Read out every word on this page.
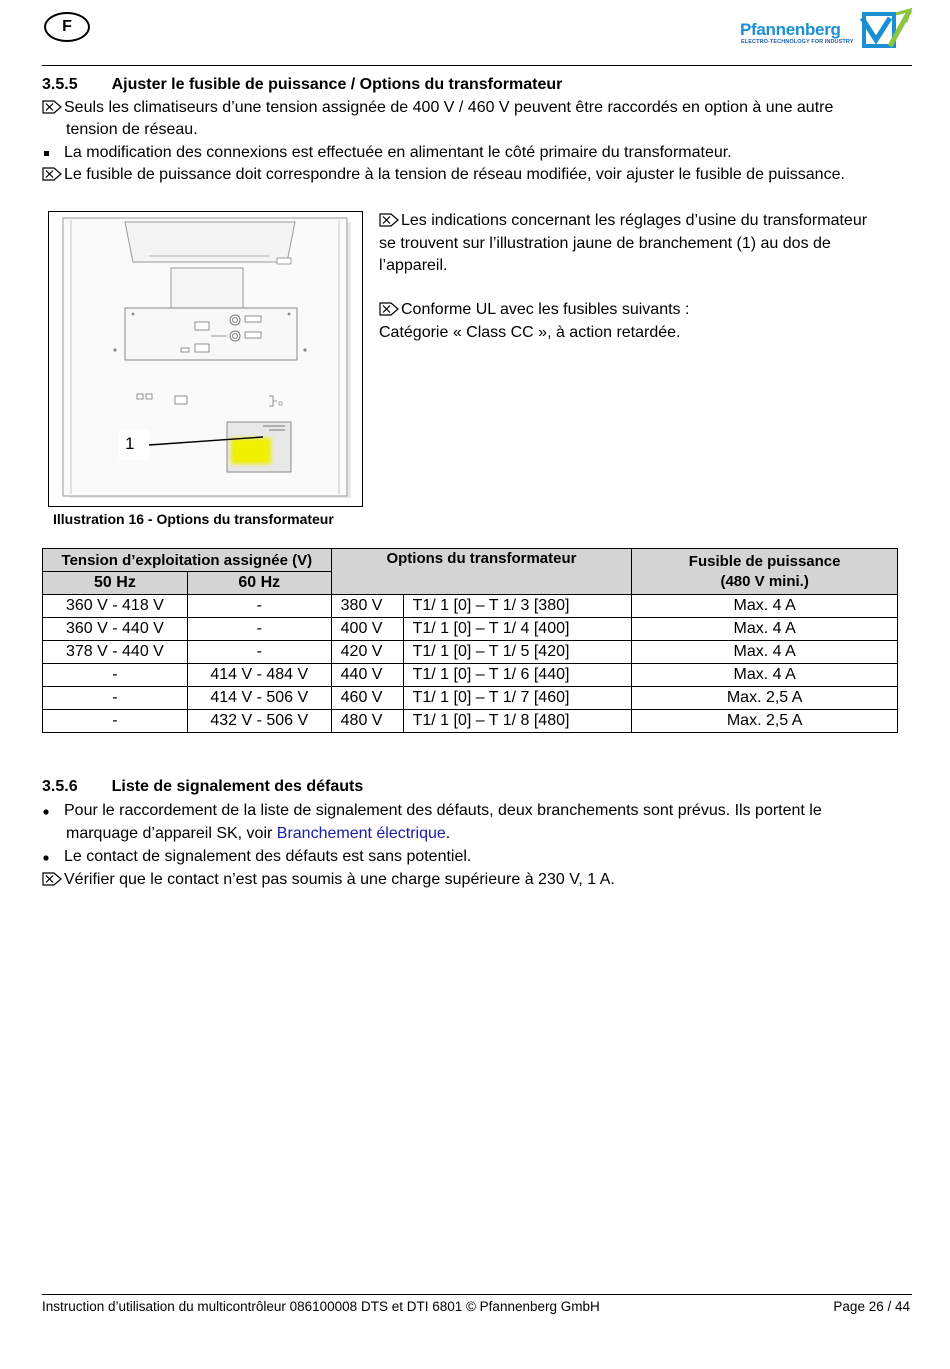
F	Pfannenberg
ELECTRO-TECHNOLOGY FOR INDUSTRY
3.5.5 Ajuster le fusible de puissance / Options du transformateur
Seuls les climatiseurs d’une tension assignée de 400 V / 460 V peuvent être raccordés en option à une autre
tension de réseau.
La modification des connexions est effectuée en alimentant le côté primaire du transformateur.
Le fusible de puissance doit correspondre à la tension de réseau modifiée, voir ajuster le fusible de puissance.
1
Illustration 16 - Options du transformateur
Les indications concernant les réglages d’usine du transformateur
se trouvent sur l’illustration jaune de branchement (1) au dos de
l’appareil.
Conforme UL avec les fusibles suivants :
Catégorie « Class CC », à action retardée.
Tension d’exploitation assignée (V)		Options du transformateur		Fusible de puissance
(480 V mini.)

50 Hz	60 Hz			
360 V - 418 V	-	380 V	T1/ 1 [0] – T 1/ 3 [380]	Max. 4 A
360 V - 440 V	-	400 V	T1/ 1 [0] – T 1/ 4 [400]	Max. 4 A
378 V - 440 V	-	420 V	T1/ 1 [0] – T 1/ 5 [420]	Max. 4 A
-	414 V - 484 V	440 V	T1/ 1 [0] – T 1/ 6 [440]	Max. 4 A
-	414 V - 506 V	460 V	T1/ 1 [0] – T 1/ 7 [460]	Max. 2,5 A
-	432 V - 506 V	480 V	T1/ 1 [0] – T 1/ 8 [480]	Max. 2,5 A
3.5.6 Liste de signalement des défauts
Pour le raccordement de la liste de signalement des défauts, deux branchements sont prévus. Ils portent le
marquage d’appareil SK, voir Branchement électrique.
Le contact de signalement des défauts est sans potentiel.
Vérifier que le contact n’est pas soumis à une charge supérieure à 230 V, 1 A.
Instruction d’utilisation du multicontrôleur 086100008 DTS et DTI 6801 © Pfannenberg GmbH	Page 26 / 44
